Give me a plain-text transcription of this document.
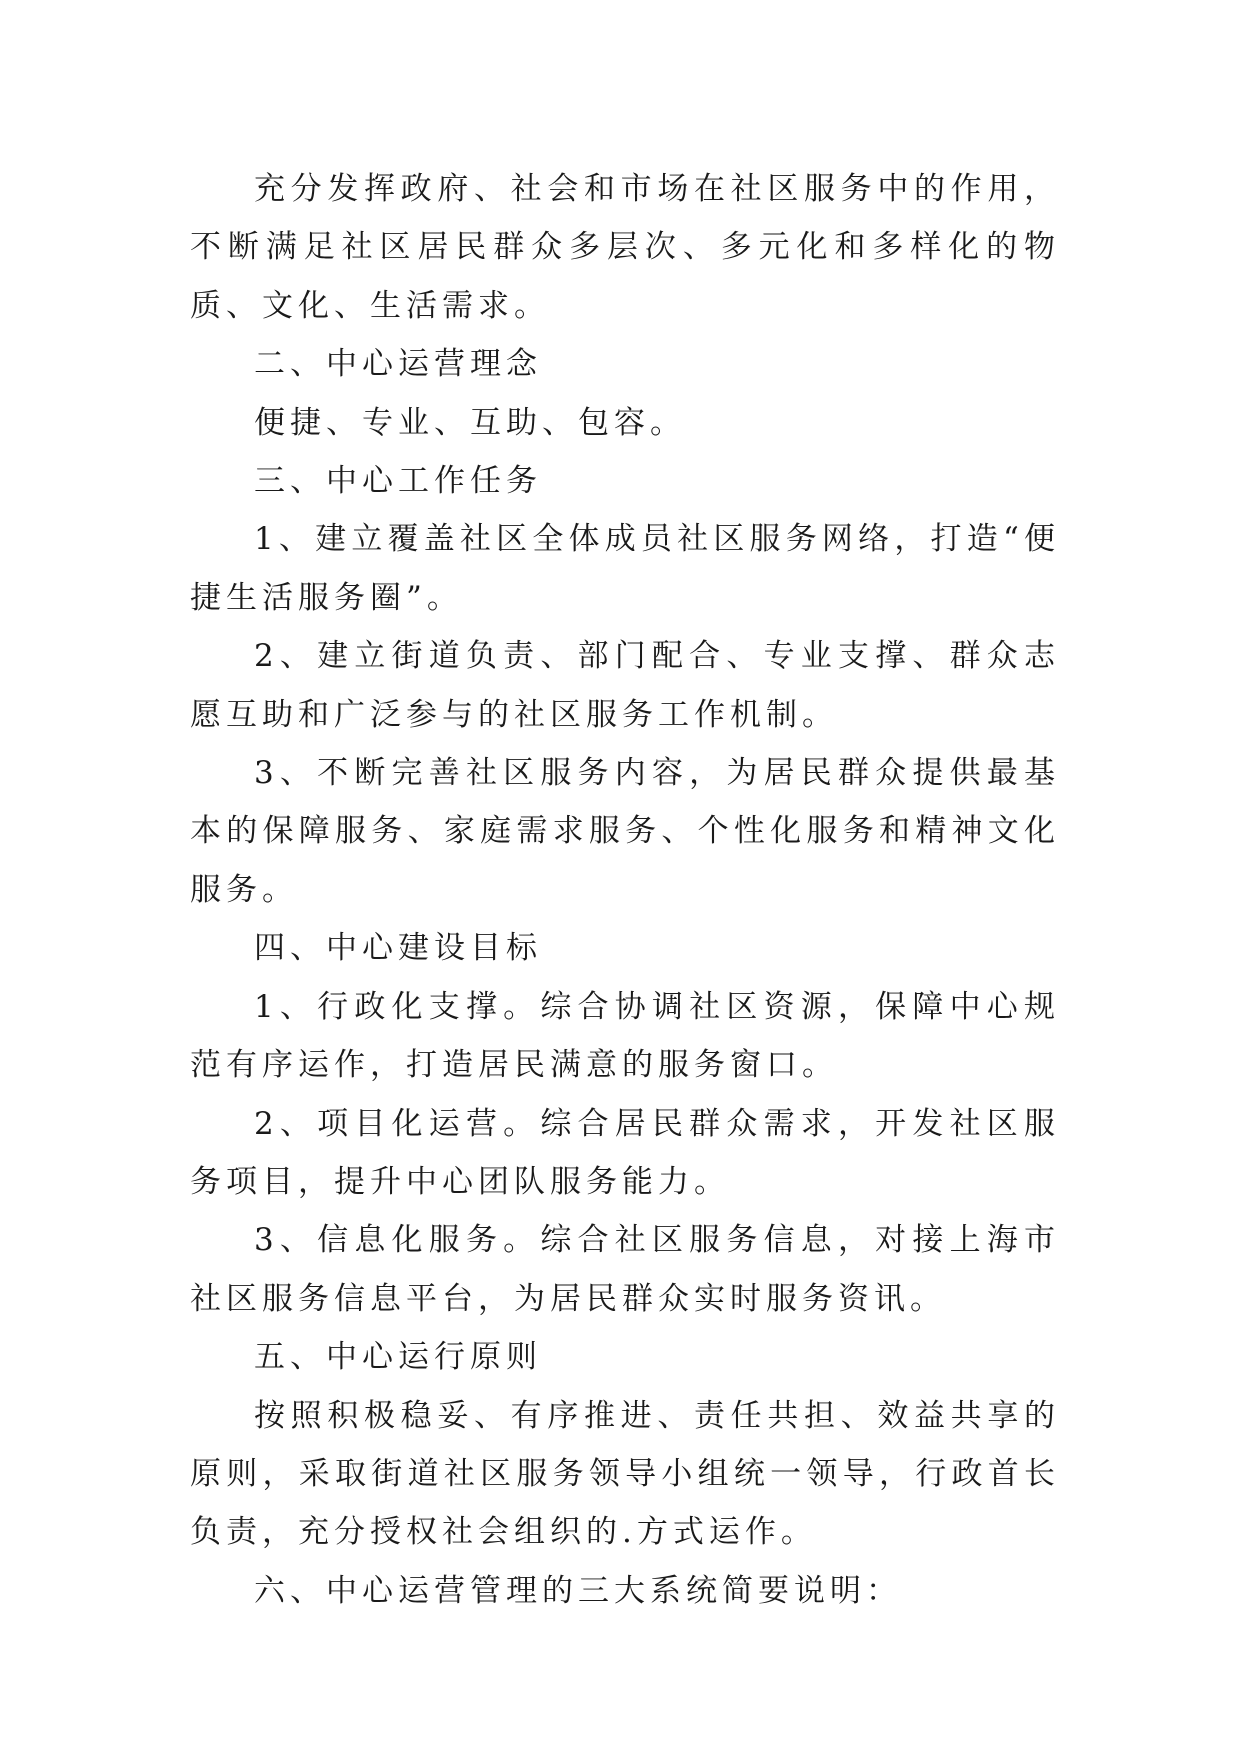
充分发挥政府、社会和市场在社区服务中的作用，不断满足社区居民群众多层次、多元化和多样化的物质、文化、生活需求。

二、中心运营理念

便捷、专业、互助、包容。

三、中心工作任务

1、建立覆盖社区全体成员社区服务网络，打造“便捷生活服务圈”。

2、建立街道负责、部门配合、专业支撑、群众志愿互助和广泛参与的社区服务工作机制。

3、不断完善社区服务内容，为居民群众提供最基本的保障服务、家庭需求服务、个性化服务和精神文化服务。

四、中心建设目标

1、行政化支撑。综合协调社区资源，保障中心规范有序运作，打造居民满意的服务窗口。

2、项目化运营。综合居民群众需求，开发社区服务项目，提升中心团队服务能力。

3、信息化服务。综合社区服务信息，对接上海市社区服务信息平台，为居民群众实时服务资讯。

五、中心运行原则

按照积极稳妥、有序推进、责任共担、效益共享的原则，采取街道社区服务领导小组统一领导，行政首长负责，充分授权社会组织的.方式运作。

六、中心运营管理的三大系统简要说明：
